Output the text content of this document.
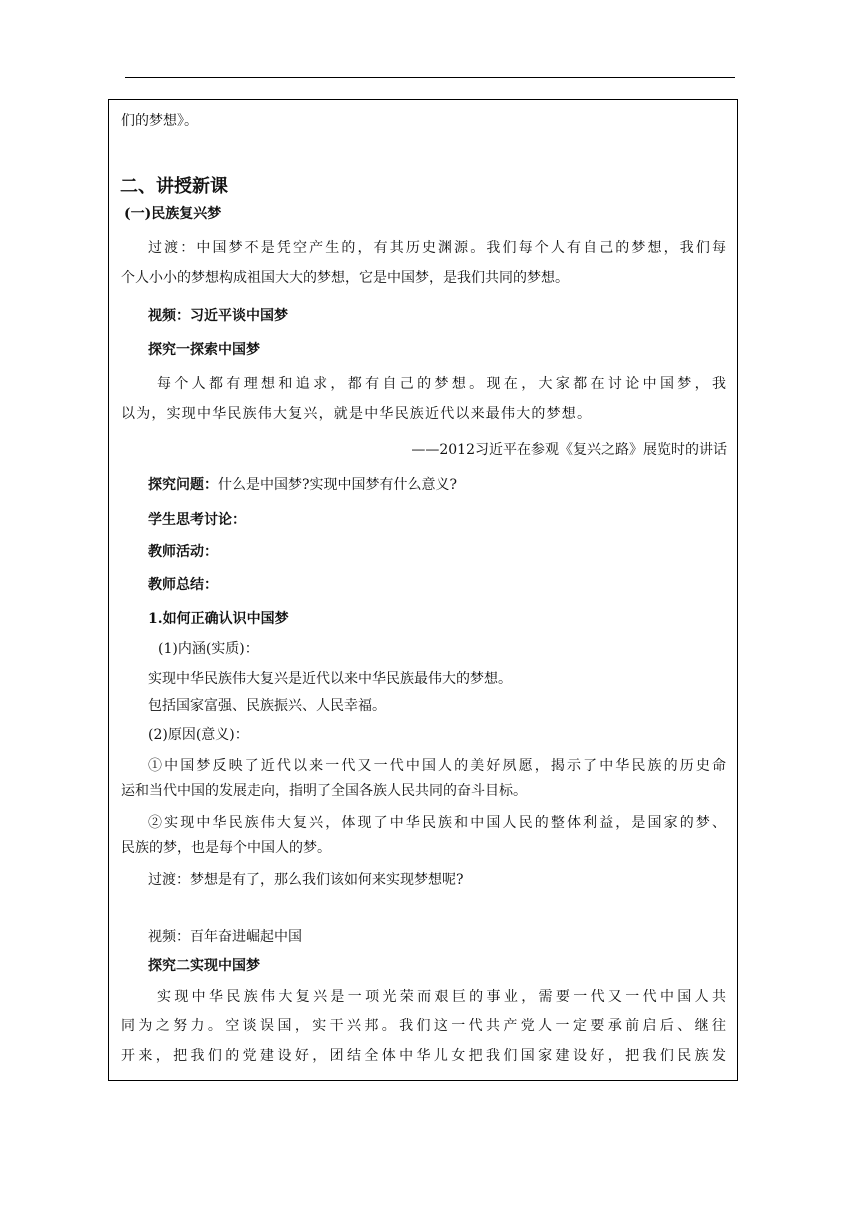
们的梦想》。
二、讲授新课
(一)民族复兴梦
过渡：中国梦不是凭空产生的，有其历史渊源。我们每个人有自己的梦想，我们每
个人小小的梦想构成祖国大大的梦想，它是中国梦，是我们共同的梦想。
视频：习近平谈中国梦
探究一探索中国梦
每个人都有理想和追求，都有自己的梦想。现在，大家都在讨论中国梦，我
以为，实现中华民族伟大复兴，就是中华民族近代以来最伟大的梦想。
——2012习近平在参观《复兴之路》展览时的讲话
探究问题：什么是中国梦?实现中国梦有什么意义?
学生思考讨论：
教师活动：
教师总结：
1.如何正确认识中国梦
(1)内涵(实质)：
实现中华民族伟大复兴是近代以来中华民族最伟大的梦想。
包括国家富强、民族振兴、人民幸福。
(2)原因(意义)：
①中国梦反映了近代以来一代又一代中国人的美好夙愿，揭示了中华民族的历史命
运和当代中国的发展走向，指明了全国各族人民共同的奋斗目标。
②实现中华民族伟大复兴，体现了中华民族和中国人民的整体利益，是国家的梦、
民族的梦，也是每个中国人的梦。
过渡：梦想是有了，那么我们该如何来实现梦想呢?
视频：百年奋进崛起中国
探究二实现中国梦
实现中华民族伟大复兴是一项光荣而艰巨的事业，需要一代又一代中国人共
同为之努力。空谈误国，实干兴邦。我们这一代共产党人一定要承前启后、继往
开来，把我们的党建设好，团结全体中华儿女把我们国家建设好，把我们民族发
